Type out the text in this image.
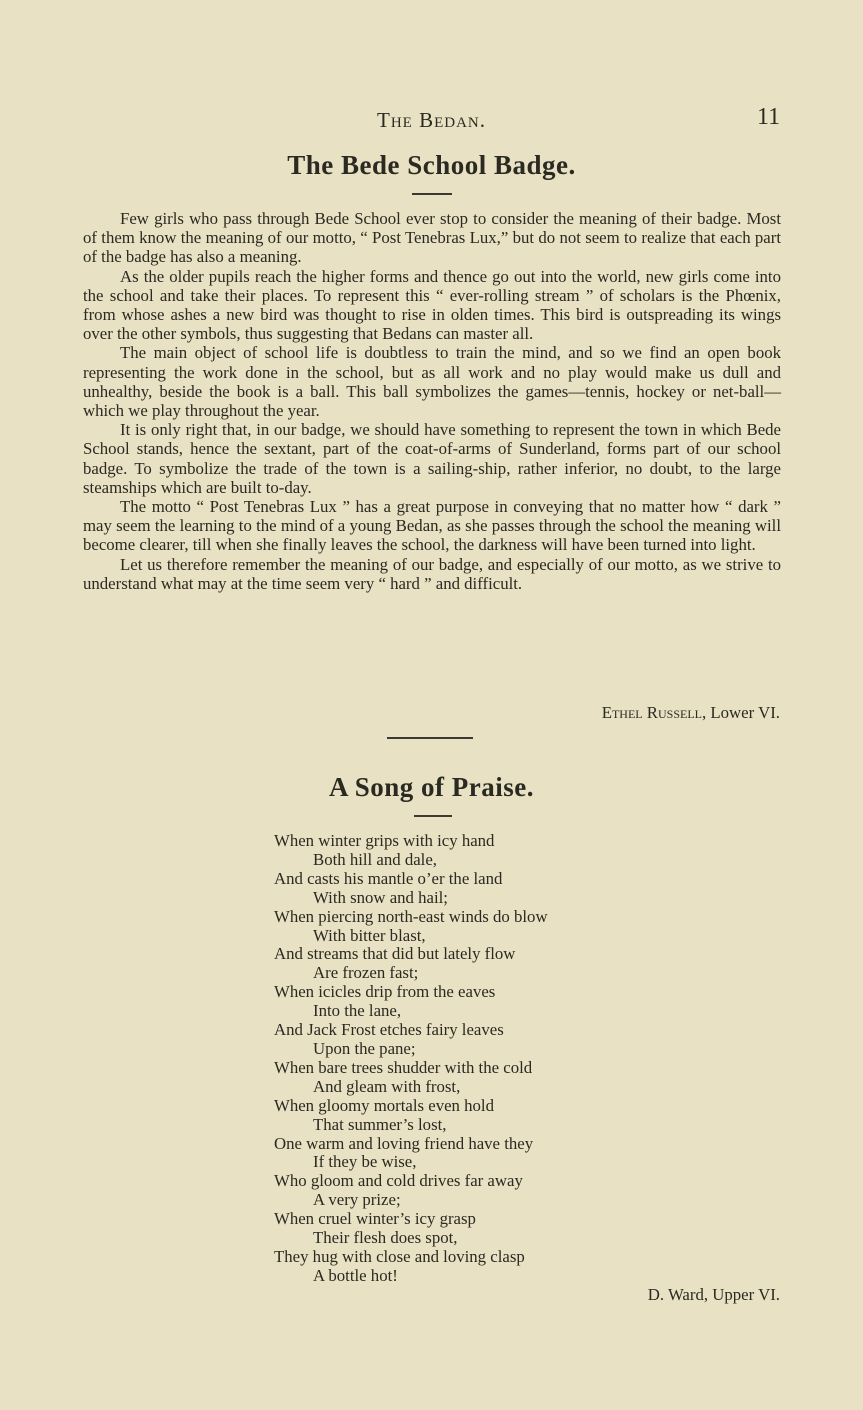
The Bedan.	11
The Bede School Badge.

Few girls who pass through Bede School ever stop to consider the meaning of their badge. Most of them know the meaning of our motto, “ Post Tenebras Lux,” but do not seem to realize that each part of the badge has also a meaning.

As the older pupils reach the higher forms and thence go out into the world, new girls come into the school and take their places. To represent this “ ever-rolling stream ” of scholars is the Phœnix, from whose ashes a new bird was thought to rise in olden times. This bird is outspreading its wings over the other symbols, thus suggesting that Bedans can master all.

The main object of school life is doubtless to train the mind, and so we find an open book representing the work done in the school, but as all work and no play would make us dull and unhealthy, beside the book is a ball. This ball symbolizes the games—tennis, hockey or net-ball—which we play throughout the year.

It is only right that, in our badge, we should have something to represent the town in which Bede School stands, hence the sextant, part of the coat-of-arms of Sunderland, forms part of our school badge. To symbolize the trade of the town is a sailing-ship, rather inferior, no doubt, to the large steamships which are built to-day.

The motto “ Post Tenebras Lux ” has a great purpose in conveying that no matter how “ dark ” may seem the learning to the mind of a young Bedan, as she passes through the school the meaning will become clearer, till when she finally leaves the school, the darkness will have been turned into light.

Let us therefore remember the meaning of our badge, and especially of our motto, as we strive to understand what may at the time seem very “ hard ” and difficult.

Ethel Russell, Lower VI.
A Song of Praise.
When winter grips with icy hand
Both hill and dale,
And casts his mantle o’er the land
With snow and hail;
When piercing north-east winds do blow
With bitter blast,
And streams that did but lately flow
Are frozen fast;
When icicles drip from the eaves
Into the lane,
And Jack Frost etches fairy leaves
Upon the pane;
When bare trees shudder with the cold
And gleam with frost,
When gloomy mortals even hold
That summer’s lost,
One warm and loving friend have they
If they be wise,
Who gloom and cold drives far away
A very prize;
When cruel winter’s icy grasp
Their flesh does spot,
They hug with close and loving clasp
A bottle hot!
D. Ward, Upper VI.
